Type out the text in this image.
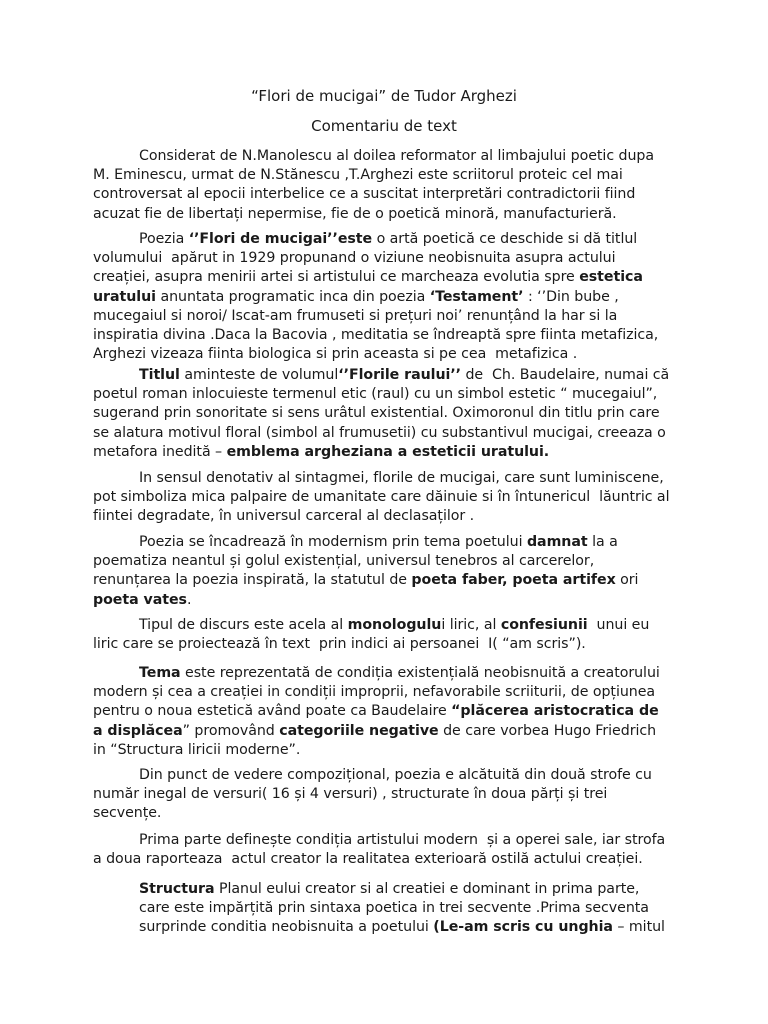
“Flori de mucigai” de Tudor Arghezi
Comentariu de text
Considerat de N.Manolescu al doilea reformator al limbajului poetic dupa
M. Eminescu, urmat de N.Stănescu ,T.Arghezi este scriitorul proteic cel mai
controversat al epocii interbelice ce a suscitat interpretări contradictorii fiind
acuzat fie de libertați nepermise, fie de o poetică minoră, manufacturieră.
Poezia ‘’Flori de mucigai’’este o artă poetică ce deschide si dă titlul
volumului  apărut in 1929 propunand o viziune neobisnuita asupra actului
creației, asupra menirii artei si artistului ce marcheaza evolutia spre estetica
uratului anuntata programatic inca din poezia ‘Testament’ : ‘’Din bube ,
mucegaiul si noroi/ Iscat-am frumuseti si prețuri noi’ renunțând la har si la
inspiratia divina .Daca la Bacovia , meditatia se îndreaptă spre fiinta metafizica,
Arghezi vizeaza fiinta biologica si prin aceasta si pe cea  metafizica .
Titlul aminteste de volumul‘’Florile raului’’ de  Ch. Baudelaire, numai că
poetul roman inlocuieste termenul etic (raul) cu un simbol estetic “ mucegaiul”,
sugerand prin sonoritate si sens urâtul existential. Oximoronul din titlu prin care
se alatura motivul floral (simbol al frumusetii) cu substantivul mucigai, creeaza o
metafora inedită – emblema argheziana a esteticii uratului.
In sensul denotativ al sintagmei, florile de mucigai, care sunt luminiscene,
pot simboliza mica palpaire de umanitate care dăinuie si în întunericul  lăuntric al
fiintei degradate, în universul carceral al declasaților .
Poezia se încadrează în modernism prin tema poetului damnat la a
poematiza neantul și golul existențial, universul tenebros al carcerelor,
renunțarea la poezia inspirată, la statutul de poeta faber, poeta artifex ori
poeta vates.
Tipul de discurs este acela al monologului liric, al confesiunii  unui eu
liric care se proiectează în text  prin indici ai persoanei  I( “am scris”).
Tema este reprezentată de condiția existențială neobisnuită a creatorului
modern și cea a creației in condiții improprii, nefavorabile scriiturii, de opțiunea
pentru o noua estetică având poate ca Baudelaire “plăcerea aristocratica de
a displăcea” promovând categoriile negative de care vorbea Hugo Friedrich
in “Structura liricii moderne”.
Din punct de vedere compozițional, poezia e alcătuită din două strofe cu
număr inegal de versuri( 16 și 4 versuri) , structurate în doua părți și trei
secvențe.
Prima parte definește condiția artistului modern  și a operei sale, iar strofa
a doua raporteaza  actul creator la realitatea exterioară ostilă actului creației.
Structura Planul eului creator si al creatiei e dominant in prima parte,
care este impărțită prin sintaxa poetica in trei secvente .Prima secventa
surprinde conditia neobisnuita a poetului (Le-am scris cu unghia – mitul
